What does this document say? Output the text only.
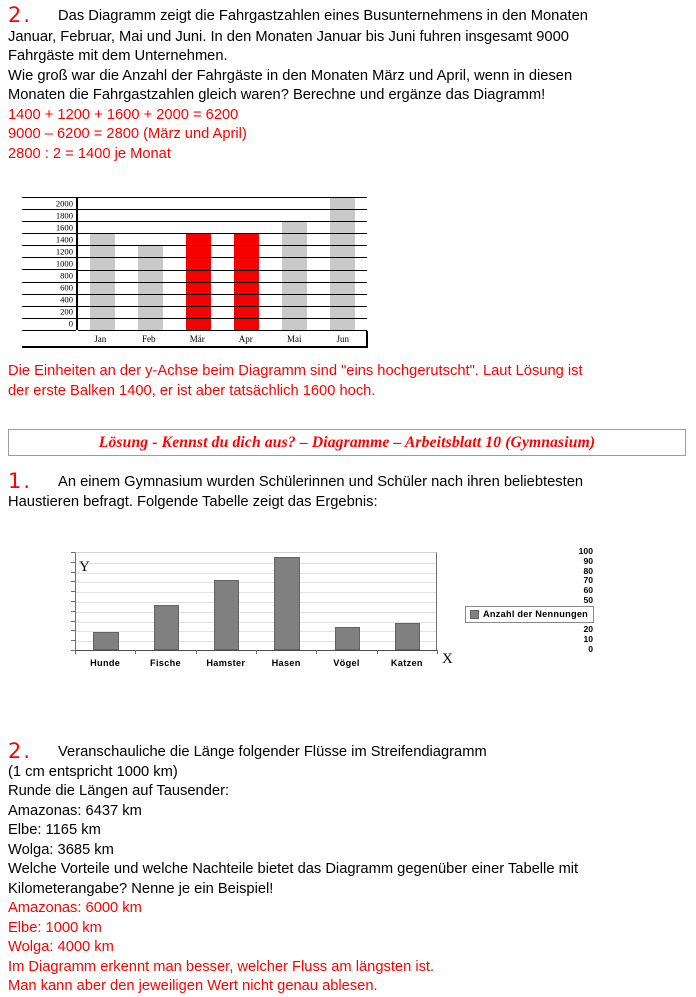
2. Das Diagramm zeigt die Fahrgastzahlen eines Busunternehmens in den Monaten

Januar, Februar, Mai und Juni. In den Monaten Januar bis Juni fuhren insgesamt 9000

Fahrgäste mit dem Unternehmen.

Wie groß war die Anzahl der Fahrgäste in den Monaten März und April, wenn in diesen

Monaten die Fahrgastzahlen gleich waren? Berechne und ergänze das Diagramm!

1400 + 1200 + 1600 + 2000 = 6200

9000 – 6200 = 2800 (März und April)

2800 : 2 = 1400 je Monat

2000
1800
1600
1400
1200
1000
800
600
400
200
0
Jan	Feb	Mär	Apr	Mai	Jun

Die Einheiten an der y-Achse beim Diagramm sind "eins hochgerutscht". Laut Lösung ist

der erste Balken 1400, er ist aber tatsächlich 1600 hoch.

Lösung - Kennst du dich aus? – Diagramme – Arbeitsblatt 10 (Gymnasium)

1. An einem Gymnasium wurden Schülerinnen und Schüler nach ihren beliebtesten

Haustieren befragt. Folgende Tabelle zeigt das Ergebnis:

100
90
80
70
60
50
20
10
0
Hunde	Fische	Hamster	Hasen	Vögel	Katzen
Y
X
Anzahl der Nennungen

2. Veranschauliche die Länge folgender Flüsse im Streifendiagramm

(1 cm entspricht 1000 km)

Runde die Längen auf Tausender:

Amazonas: 6437 km

Elbe: 1165 km

Wolga: 3685 km

Welche Vorteile und welche Nachteile bietet das Diagramm gegenüber einer Tabelle mit

Kilometerangabe? Nenne je ein Beispiel!

Amazonas: 6000 km

Elbe: 1000 km

Wolga: 4000 km

Im Diagramm erkennt man besser, welcher Fluss am längsten ist.

Man kann aber den jeweiligen Wert nicht genau ablesen.
